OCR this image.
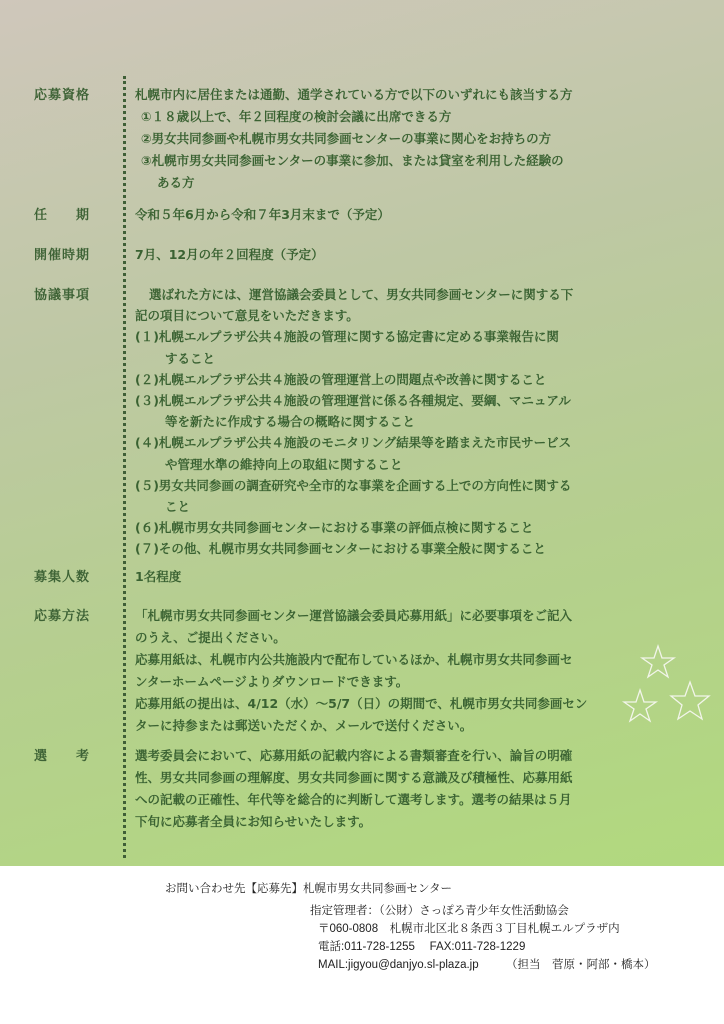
応募資格	札幌市内に居住または通勤、通学されている方で以下のいずれにも該当する方
①１８歳以上で、年２回程度の検討会議に出席できる方
②男女共同参画や札幌市男女共同参画センターの事業に関心をお持ちの方
③札幌市男女共同参画センターの事業に参加、または貸室を利用した経験の
ある方
任　　期	令和５年6月から令和７年3月末まで（予定）
開催時期	7月、12月の年２回程度（予定）
協議事項	選ばれた方には、運営協議会委員として、男女共同参画センターに関する下
記の項目について意見をいただきます。
(１)札幌エルプラザ公共４施設の管理に関する協定書に定める事業報告に関
すること
(２)札幌エルプラザ公共４施設の管理運営上の問題点や改善に関すること
(３)札幌エルプラザ公共４施設の管理運営に係る各種規定、要綱、マニュアル
等を新たに作成する場合の概略に関すること
(４)札幌エルプラザ公共４施設のモニタリング結果等を踏まえた市民サービス
や管理水準の維持向上の取組に関すること
(５)男女共同参画の調査研究や全市的な事業を企画する上での方向性に関する
こと
(６)札幌市男女共同参画センターにおける事業の評価点検に関すること
(７)その他、札幌市男女共同参画センターにおける事業全般に関すること
募集人数	1名程度
応募方法	「札幌市男女共同参画センター運営協議会委員応募用紙」に必要事項をご記入
のうえ、ご提出ください。
応募用紙は、札幌市内公共施設内で配布しているほか、札幌市男女共同参画セ
ンターホームページよりダウンロードできます。
応募用紙の提出は、4/12（水）～5/7（日）の期間で、札幌市男女共同参画セン
ターに持参または郵送いただくか、メールで送付ください。
選　　考	選考委員会において、応募用紙の記載内容による書類審査を行い、論旨の明確
性、男女共同参画の理解度、男女共同参画に関する意識及び積極性、応募用紙
への記載の正確性、年代等を総合的に判断して選考します。選考の結果は５月
下旬に応募者全員にお知らせいたします。
お問い合わせ先【応募先】札幌市男女共同参画センター
指定管理者：（公財）さっぽろ青少年女性活動協会
〒060-0808　札幌市北区北８条西３丁目札幌エルプラザ内
電話:011-728-1255　 FAX:011-728-1229
MAIL:jigyou@danjyo.sl-plaza.jp （担当　菅原・阿部・橋本）
